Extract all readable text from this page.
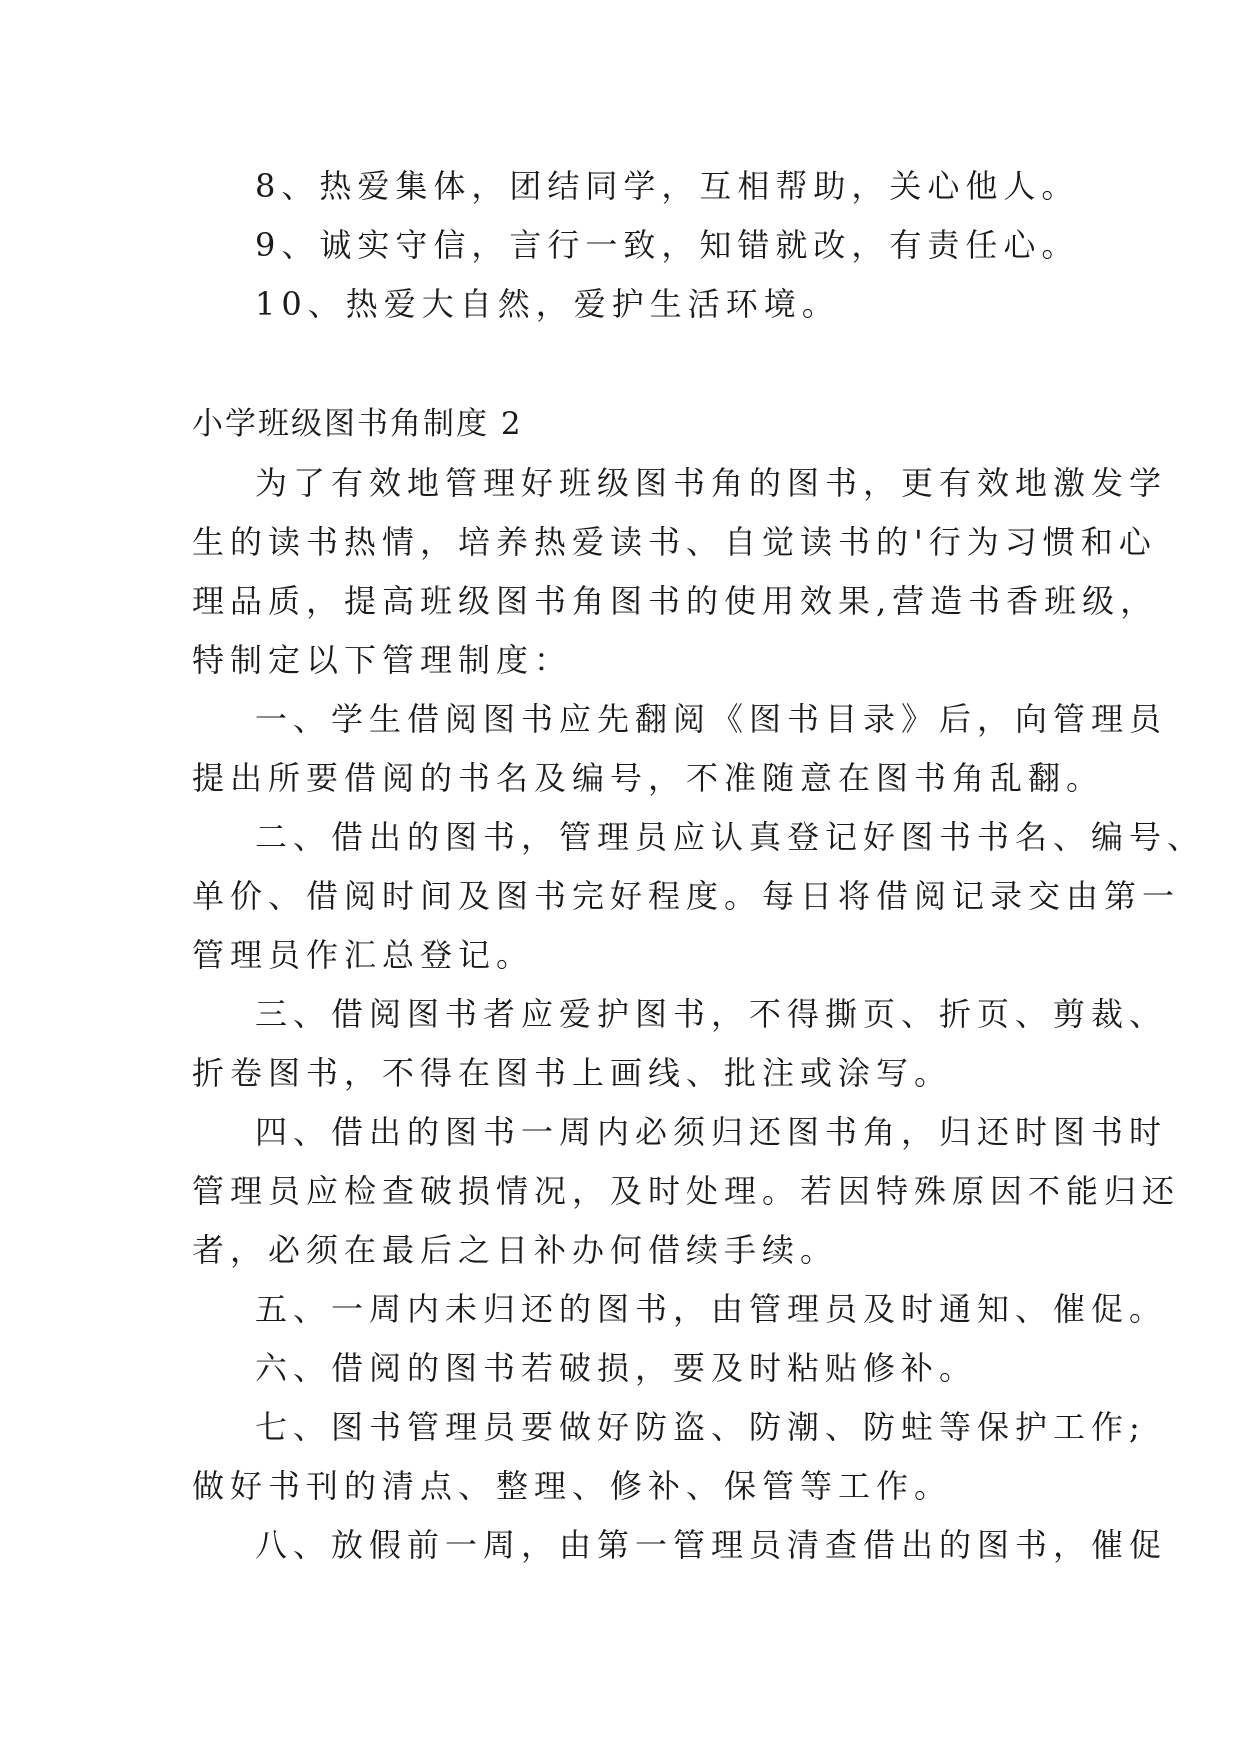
8、热爱集体，团结同学，互相帮助，关心他人。

9、诚实守信，言行一致，知错就改，有责任心。

10、热爱大自然，爱护生活环境。

小学班级图书角制度 2

为了有效地管理好班级图书角的图书，更有效地激发学

生的读书热情，培养热爱读书、自觉读书的'行为习惯和心

理品质，提高班级图书角图书的使用效果,营造书香班级，

特制定以下管理制度：

一、学生借阅图书应先翻阅《图书目录》后，向管理员

提出所要借阅的书名及编号，不准随意在图书角乱翻。

二、借出的图书，管理员应认真登记好图书书名、编号、

单价、借阅时间及图书完好程度。每日将借阅记录交由第一

管理员作汇总登记。

三、借阅图书者应爱护图书，不得撕页、折页、剪裁、

折卷图书，不得在图书上画线、批注或涂写。

四、借出的图书一周内必须归还图书角，归还时图书时

管理员应检查破损情况，及时处理。若因特殊原因不能归还

者，必须在最后之日补办何借续手续。

五、一周内未归还的图书，由管理员及时通知、催促。

六、借阅的图书若破损，要及时粘贴修补。

七、图书管理员要做好防盗、防潮、防蛀等保护工作;

做好书刊的清点、整理、修补、保管等工作。

八、放假前一周，由第一管理员清查借出的图书，催促
